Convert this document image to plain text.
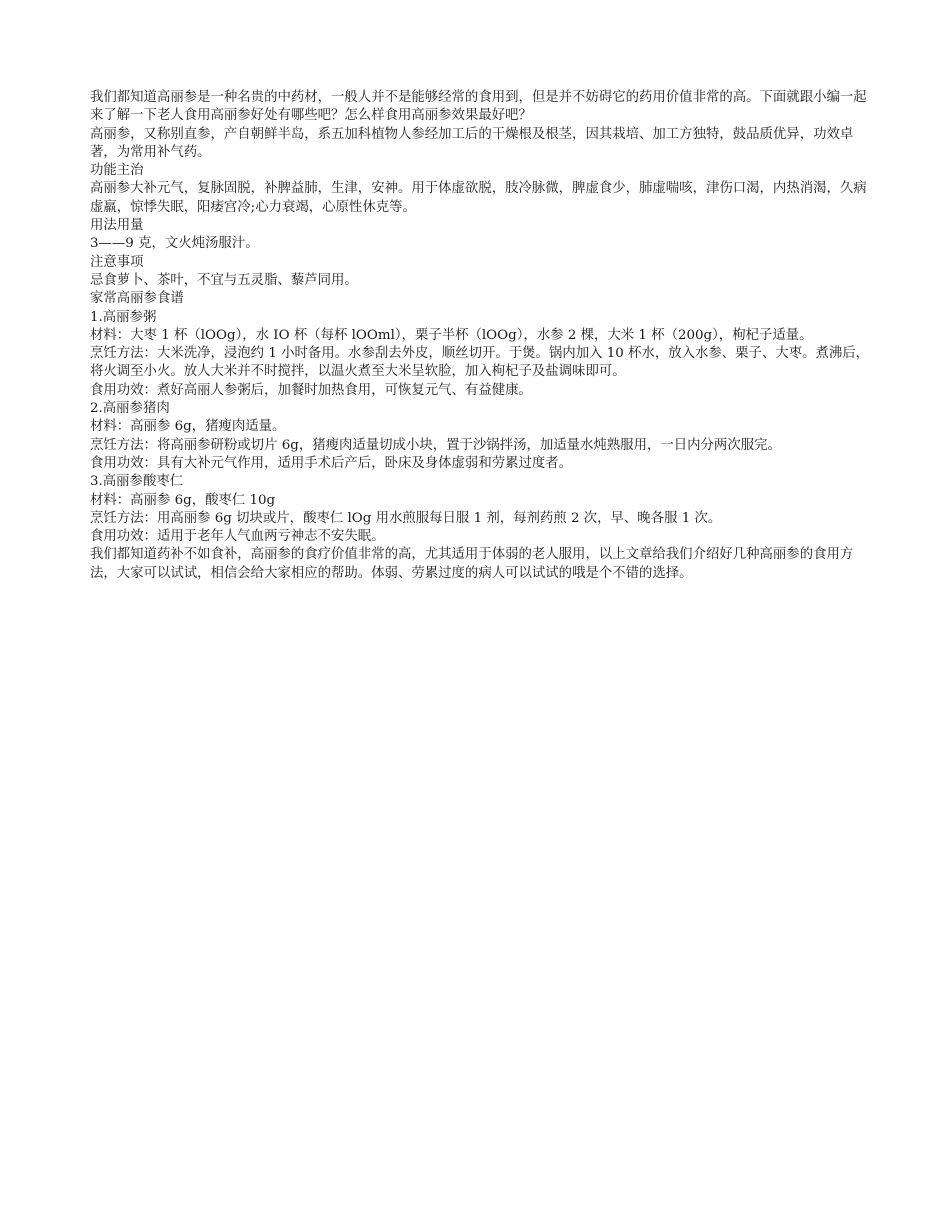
我们都知道高丽参是一种名贵的中药材，一般人并不是能够经常的食用到，但是并不妨碍它的药用价值非常的高。下面就跟小编一起来了解一下老人食用高丽参好处有哪些吧？怎么样食用高丽参效果最好吧？

高丽参，又称别直参，产自朝鲜半岛，系五加科植物人参经加工后的干燥根及根茎，因其栽培、加工方独特，鼓品质优异，功效卓著，为常用补气药。

功能主治

高丽参大补元气，复脉固脱，补脾益肺，生津，安神。用于体虚欲脱，肢冷脉微，脾虚食少，肺虚喘咳，津伤口渴，内热消渴，久病虚羸，惊悸失眠，阳痿宫冷;心力衰竭，心原性休克等。

用法用量

3——9 克，文火炖汤服汁。

注意事项

忌食萝卜、茶叶，不宜与五灵脂、藜芦同用。

家常高丽参食谱

1.高丽参粥

材料：大枣 1 杯（lOOg），水 IO 杯（每杯 lOOml），栗子半杯（lOOg），水参 2 棵，大米 1 杯（200g），枸杞子适量。

烹饪方法：大米洗净，浸泡约 1 小时备用。水参刮去外皮，顺丝切开。于煲。锅内加入 10 杯水，放入水参、栗子、大枣。煮沸后，将火调至小火。放人大米并不时搅拌，以温火煮至大米呈软脸，加入枸杞子及盐调味即可。

食用功效：煮好高丽人参粥后，加餐时加热食用，可恢复元气、有益健康。

2.高丽参猪肉

材料：高丽参 6g，猪瘦肉适量。

烹饪方法：将高丽参研粉或切片 6g，猪瘦肉适量切成小块，置于沙锅拌汤，加适量水炖熟服用，一日内分两次服完。

食用功效：具有大补元气作用，适用手术后产后，卧床及身体虚弱和劳累过度者。

3.高丽参酸枣仁

材料：高丽参 6g，酸枣仁 10g

烹饪方法：用高丽参 6g 切块或片，酸枣仁 lOg 用水煎服每日服 1 剂，每剂药煎 2 次，早、晚各服 1 次。

食用功效：适用于老年人气血两亏神志不安失眠。

我们都知道药补不如食补，高丽参的食疗价值非常的高，尤其适用于体弱的老人服用，以上文章给我们介绍好几种高丽参的食用方法，大家可以试试，相信会给大家相应的帮助。体弱、劳累过度的病人可以试试的哦是个不错的选择。
